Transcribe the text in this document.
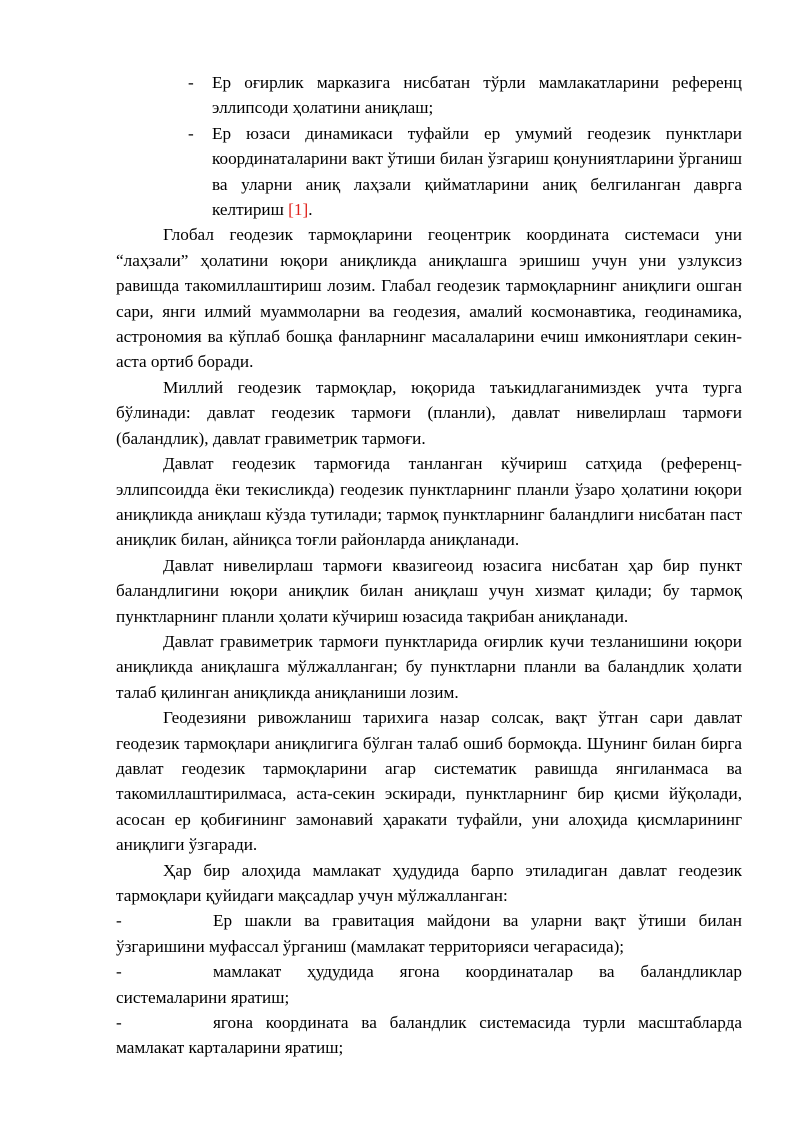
- Ер оғирлик марказига нисбатан тўрли мамлакатларини референц эллипсоди ҳолатини аниқлаш;
- Ер юзаси динамикаси туфайли ер умумий геодезик пунктлари координаталарини вакт ўтиши билан ўзгариш қонуниятларини ўрганиш ва уларни аниқ лаҳзали қийматларини аниқ белгиланган даврга келтириш [1].

Глобал геодезик тармоқларини геоцентрик координата системаси уни “лаҳзали” ҳолатини юқори аниқликда аниқлашга эришиш учун уни узлуксиз равишда такомиллаштириш лозим. Глабал геодезик тармоқларнинг аниқлиги ошган сари, янги илмий муаммоларни ва геодезия, амалий космонавтика, геодинамика, астрономия ва кўплаб бошқа фанларнинг масалаларини ечиш имкониятлари секин-аста ортиб боради.

Миллий геодезик тармоқлар, юқорида таъкидлаганимиздек учта турга бўлинади: давлат геодезик тармоғи (планли), давлат нивелирлаш тармоғи (баландлик), давлат гравиметрик тармоғи.

Давлат геодезик тармоғида танланган кўчириш сатҳида (референц-эллипсоидда ёки текисликда) геодезик пунктларнинг планли ўзаро ҳолатини юқори аниқликда аниқлаш кўзда тутилади; тармоқ пунктларнинг баландлиги нисбатан паст аниқлик билан, айниқса тоғли районларда аниқланади.

Давлат нивелирлаш тармоғи квазигеоид юзасига нисбатан ҳар бир пункт баландлигини юқори аниқлик билан аниқлаш учун хизмат қилади; бу тармоқ пунктларнинг планли ҳолати кўчириш юзасида тақрибан аниқланади.

Давлат гравиметрик тармоғи пунктларида оғирлик кучи тезланишини юқори аниқликда аниқлашга мўлжалланган; бу пунктларни планли ва баландлик ҳолати талаб қилинган аниқликда аниқланиши лозим.

Геодезияни ривожланиш тарихига назар солсак, вақт ўтган сари давлат геодезик тармоқлари аниқлигига бўлган талаб ошиб бормоқда. Шунинг билан бирга давлат геодезик тармоқларини агар систематик равишда янгиланмаса ва такомиллаштирилмаса, аста-секин эскиради, пунктларнинг бир қисми йўқолади, асосан ер қобиғининг замонавий ҳаракати туфайли, уни алоҳида қисмларининг аниқлиги ўзгаради.

Ҳар бир алоҳида мамлакат ҳудудида барпо этиладиган давлат геодезик тармоқлари қуйидаги мақсадлар учун мўлжалланган:

-	Ер шакли ва гравитация майдони ва уларни вақт ўтиши билан ўзгаришини муфассал ўрганиш (мамлакат территорияси чегарасида);

-	мамлакат ҳудудида ягона координаталар ва баландликлар системаларини яратиш;

-	ягона координата ва баландлик системасида турли масштабларда мамлакат карталарини яратиш;
